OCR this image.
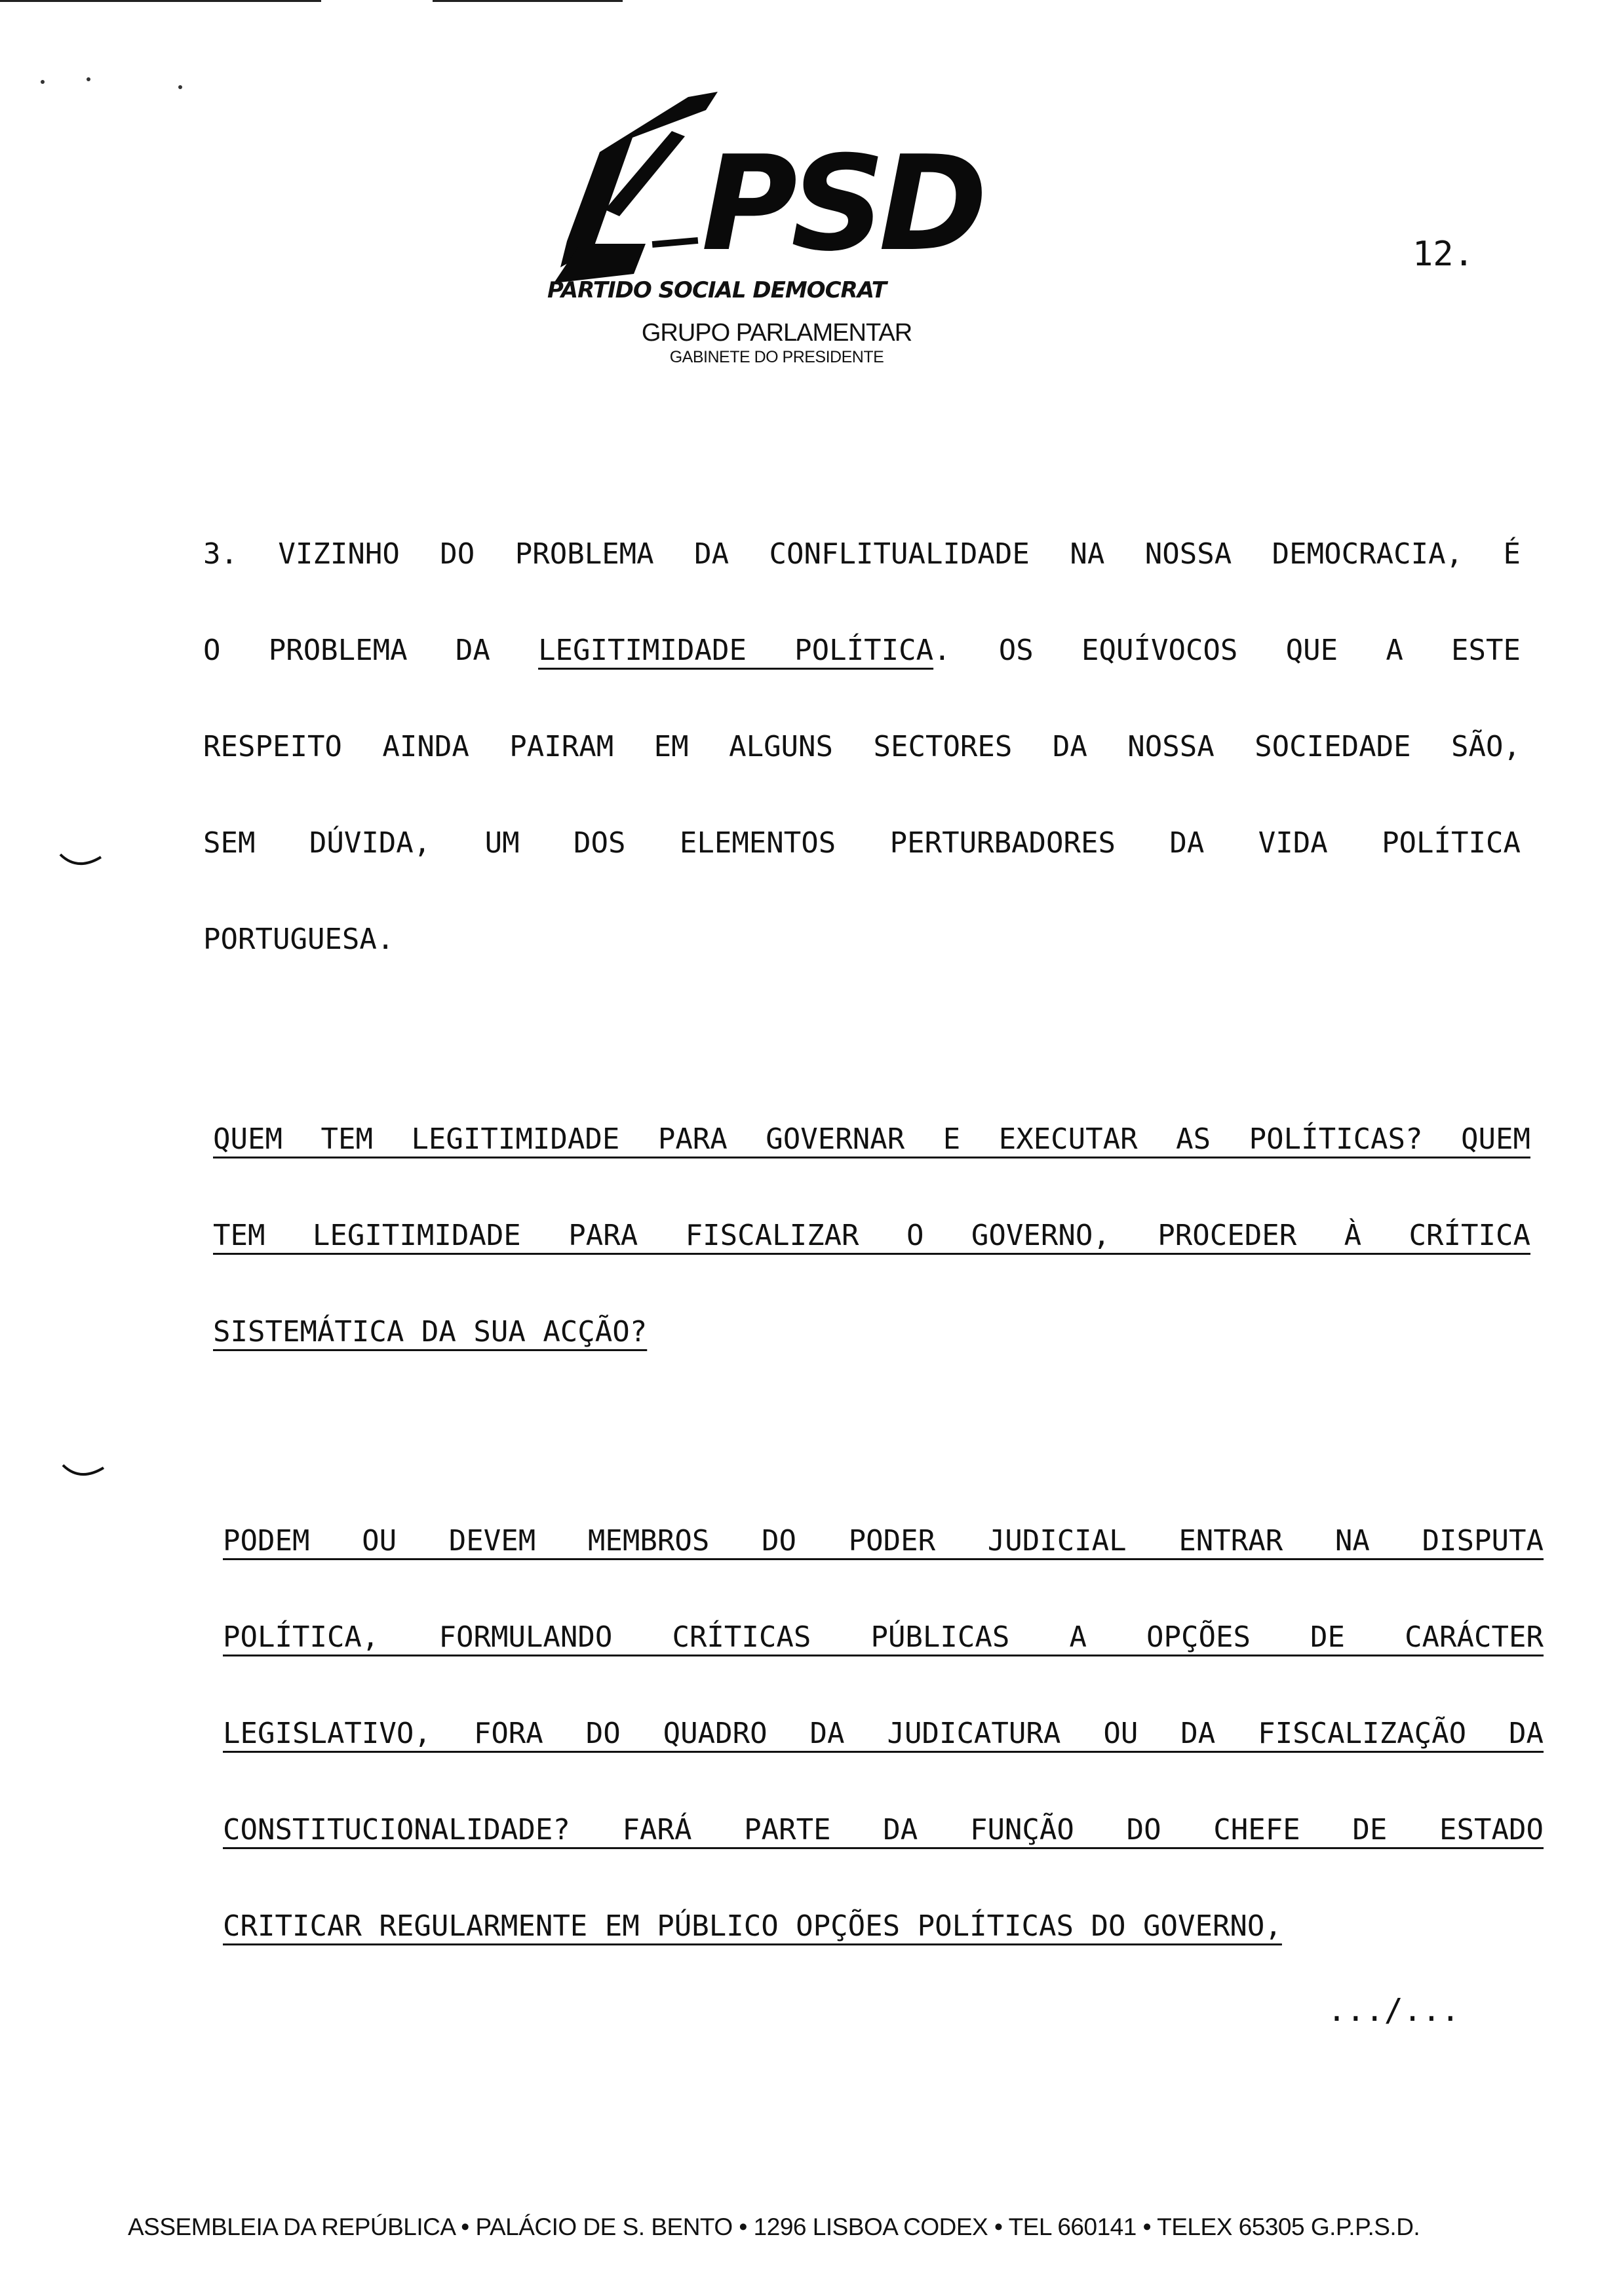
PSD
PARTIDO SOCIAL DEMOCRAT
GRUPO PARLAMENTAR
GABINETE DO PRESIDENTE
12.
3. VIZINHO DO PROBLEMA DA CONFLITUALIDADE NA NOSSA DEMOCRACIA, É
O PROBLEMA DA LEGITIMIDADE POLÍTICA. OS EQUÍVOCOS QUE A ESTE
RESPEITO AINDA PAIRAM EM ALGUNS SECTORES DA NOSSA SOCIEDADE SÃO,
SEM DÚVIDA, UM DOS ELEMENTOS PERTURBADORES DA VIDA POLÍTICA
PORTUGUESA.
QUEM TEM LEGITIMIDADE PARA GOVERNAR E EXECUTAR AS POLÍTICAS? QUEM
TEM LEGITIMIDADE PARA FISCALIZAR O GOVERNO, PROCEDER À CRÍTICA
SISTEMÁTICA DA SUA ACÇÃO?
PODEM OU DEVEM MEMBROS DO PODER JUDICIAL ENTRAR NA DISPUTA
POLÍTICA, FORMULANDO CRÍTICAS PÚBLICAS A OPÇÕES DE CARÁCTER
LEGISLATIVO, FORA DO QUADRO DA JUDICATURA OU DA FISCALIZAÇÃO DA
CONSTITUCIONALIDADE? FARÁ PARTE DA FUNÇÃO DO CHEFE DE ESTADO
CRITICAR REGULARMENTE EM PÚBLICO OPÇÕES POLÍTICAS DO GOVERNO,
.../...
ASSEMBLEIA DA REPÚBLICA • PALÁCIO DE S. BENTO • 1296 LISBOA CODEX • TEL 660141 • TELEX 65305 G.P.P.S.D.
